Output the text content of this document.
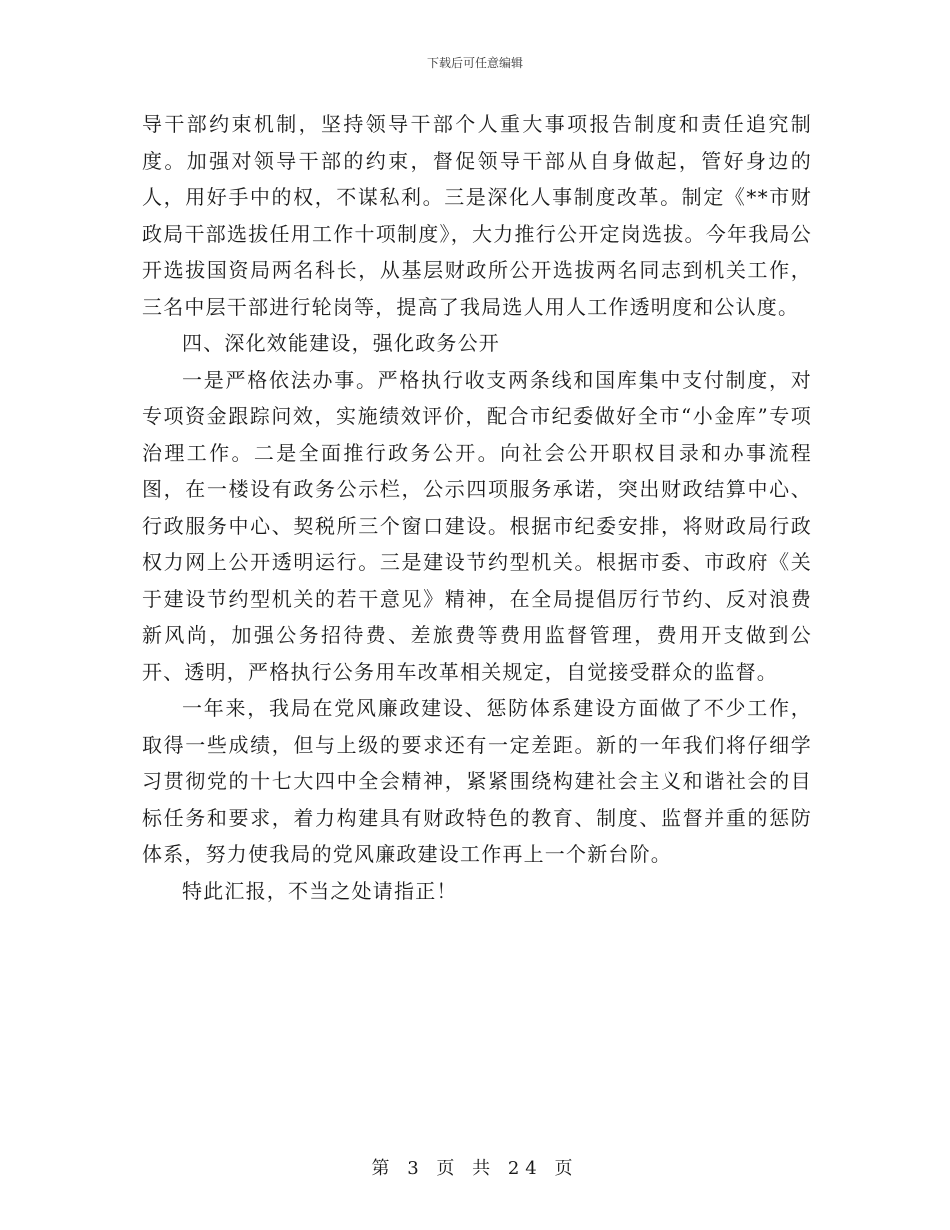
下载后可任意编辑

导干部约束机制，坚持领导干部个人重大事项报告制度和责任追究制度。加强对领导干部的约束，督促领导干部从自身做起，管好身边的人，用好手中的权，不谋私利。三是深化人事制度改革。制定《**市财政局干部选拔任用工作十项制度》，大力推行公开定岗选拔。今年我局公开选拔国资局两名科长，从基层财政所公开选拔两名同志到机关工作，三名中层干部进行轮岗等，提高了我局选人用人工作透明度和公认度。

四、深化效能建设，强化政务公开

一是严格依法办事。严格执行收支两条线和国库集中支付制度，对专项资金跟踪问效，实施绩效评价，配合市纪委做好全市“小金库”专项治理工作。二是全面推行政务公开。向社会公开职权目录和办事流程图，在一楼设有政务公示栏，公示四项服务承诺，突出财政结算中心、行政服务中心、契税所三个窗口建设。根据市纪委安排，将财政局行政权力网上公开透明运行。三是建设节约型机关。根据市委、市政府《关于建设节约型机关的若干意见》精神，在全局提倡厉行节约、反对浪费新风尚，加强公务招待费、差旅费等费用监督管理，费用开支做到公开、透明，严格执行公务用车改革相关规定，自觉接受群众的监督。

一年来，我局在党风廉政建设、惩防体系建设方面做了不少工作，取得一些成绩，但与上级的要求还有一定差距。新的一年我们将仔细学习贯彻党的十七大四中全会精神，紧紧围绕构建社会主义和谐社会的目标任务和要求，着力构建具有财政特色的教育、制度、监督并重的惩防体系，努力使我局的党风廉政建设工作再上一个新台阶。

特此汇报，不当之处请指正！

第 3 页 共 24 页
